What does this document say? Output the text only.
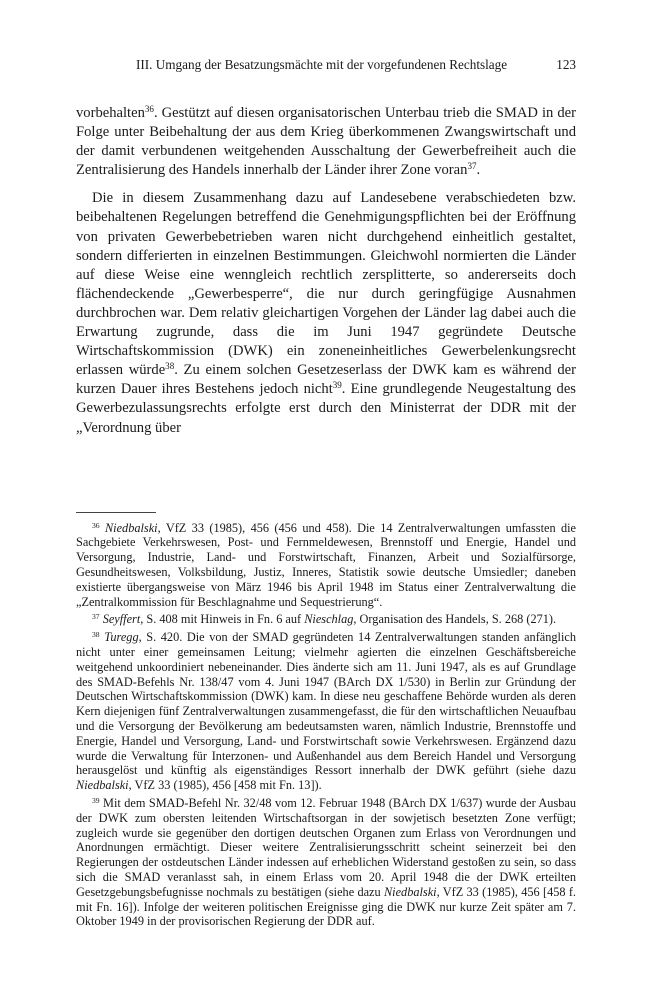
III. Umgang der Besatzungsmächte mit der vorgefundenen Rechtslage	123

vorbehalten$^{36}$. Gestützt auf diesen organisatorischen Unterbau trieb die SMAD in der Folge unter Beibehaltung der aus dem Krieg überkommenen Zwangswirtschaft und der damit verbundenen weitgehenden Ausschaltung der Gewerbefreiheit auch die Zentralisierung des Handels innerhalb der Länder ihrer Zone voran$^{37}$.

Die in diesem Zusammenhang dazu auf Landesebene verabschiedeten bzw. beibehaltenen Regelungen betreffend die Genehmigungspflichten bei der Eröffnung von privaten Gewerbebetrieben waren nicht durchgehend einheitlich gestaltet, sondern differierten in einzelnen Bestimmungen. Gleichwohl normierten die Länder auf diese Weise eine wenngleich rechtlich zersplitterte, so andererseits doch flächendeckende „Gewerbesperre“, die nur durch geringfügige Ausnahmen durchbrochen war. Dem relativ gleichartigen Vorgehen der Länder lag dabei auch die Erwartung zugrunde, dass die im Juni 1947 gegründete Deutsche Wirtschaftskommission (DWK) ein zoneneinheitliches Gewerbelenkungsrecht erlassen würde$^{38}$. Zu einem solchen Gesetzeserlass der DWK kam es während der kurzen Dauer ihres Bestehens jedoch nicht$^{39}$. Eine grundlegende Neugestaltung des Gewerbezulassungsrechts erfolgte erst durch den Ministerrat der DDR mit der „Verordnung über

$^{36}$ Niedbalski, VfZ 33 (1985), 456 (456 und 458). Die 14 Zentralverwaltungen umfassten die Sachgebiete Verkehrswesen, Post- und Fernmeldewesen, Brennstoff und Energie, Handel und Versorgung, Industrie, Land- und Forstwirtschaft, Finanzen, Arbeit und Sozialfürsorge, Gesundheitswesen, Volksbildung, Justiz, Inneres, Statistik sowie deutsche Umsiedler; daneben existierte übergangsweise von März 1946 bis April 1948 im Status einer Zentralverwaltung die „Zentralkommission für Beschlagnahme und Sequestrierung“.

$^{37}$ Seyffert, S. 408 mit Hinweis in Fn. 6 auf Nieschlag, Organisation des Handels, S. 268 (271).

$^{38}$ Turegg, S. 420. Die von der SMAD gegründeten 14 Zentralverwaltungen standen anfänglich nicht unter einer gemeinsamen Leitung; vielmehr agierten die einzelnen Geschäftsbereiche weitgehend unkoordiniert nebeneinander. Dies änderte sich am 11. Juni 1947, als es auf Grundlage des SMAD-Befehls Nr. 138/47 vom 4. Juni 1947 (BArch DX 1/530) in Berlin zur Gründung der Deutschen Wirtschaftskommission (DWK) kam. In diese neu geschaffene Behörde wurden als deren Kern diejenigen fünf Zentralverwaltungen zusammengefasst, die für den wirtschaftlichen Neuaufbau und die Versorgung der Bevölkerung am bedeutsamsten waren, nämlich Industrie, Brennstoffe und Energie, Handel und Versorgung, Land- und Forstwirtschaft sowie Verkehrswesen. Ergänzend dazu wurde die Verwaltung für Interzonen- und Außenhandel aus dem Bereich Handel und Versorgung herausgelöst und künftig als eigenständiges Ressort innerhalb der DWK geführt (siehe dazu Niedbalski, VfZ 33 (1985), 456 [458 mit Fn. 13]).

$^{39}$ Mit dem SMAD-Befehl Nr. 32/48 vom 12. Februar 1948 (BArch DX 1/637) wurde der Ausbau der DWK zum obersten leitenden Wirtschaftsorgan in der sowjetisch besetzten Zone verfügt; zugleich wurde sie gegenüber den dortigen deutschen Organen zum Erlass von Verordnungen und Anordnungen ermächtigt. Dieser weitere Zentralisierungsschritt scheint seinerzeit bei den Regierungen der ostdeutschen Länder indessen auf erheblichen Widerstand gestoßen zu sein, so dass sich die SMAD veranlasst sah, in einem Erlass vom 20. April 1948 die der DWK erteilten Gesetzgebungsbefugnisse nochmals zu bestätigen (siehe dazu Niedbalski, VfZ 33 (1985), 456 [458 f. mit Fn. 16]). Infolge der weiteren politischen Ereignisse ging die DWK nur kurze Zeit später am 7. Oktober 1949 in der provisorischen Regierung der DDR auf.
